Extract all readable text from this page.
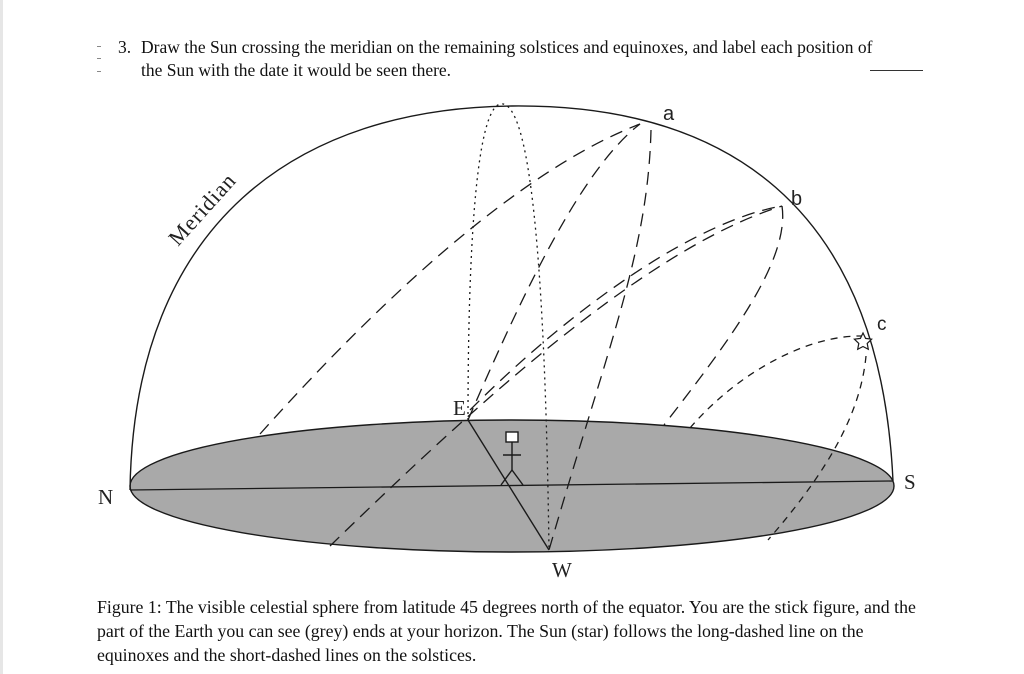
3. Draw the Sun crossing the meridian on the remaining solstices and equinoxes, and label each position of the Sun with the date it would be seen there.
Meridian
a
b
c
N
S
E
W
Figure 1: The visible celestial sphere from latitude 45 degrees north of the equator. You are the stick figure, and the part of the Earth you can see (grey) ends at your horizon. The Sun (star) follows the long-dashed line on the equinoxes and the short-dashed lines on the solstices.
